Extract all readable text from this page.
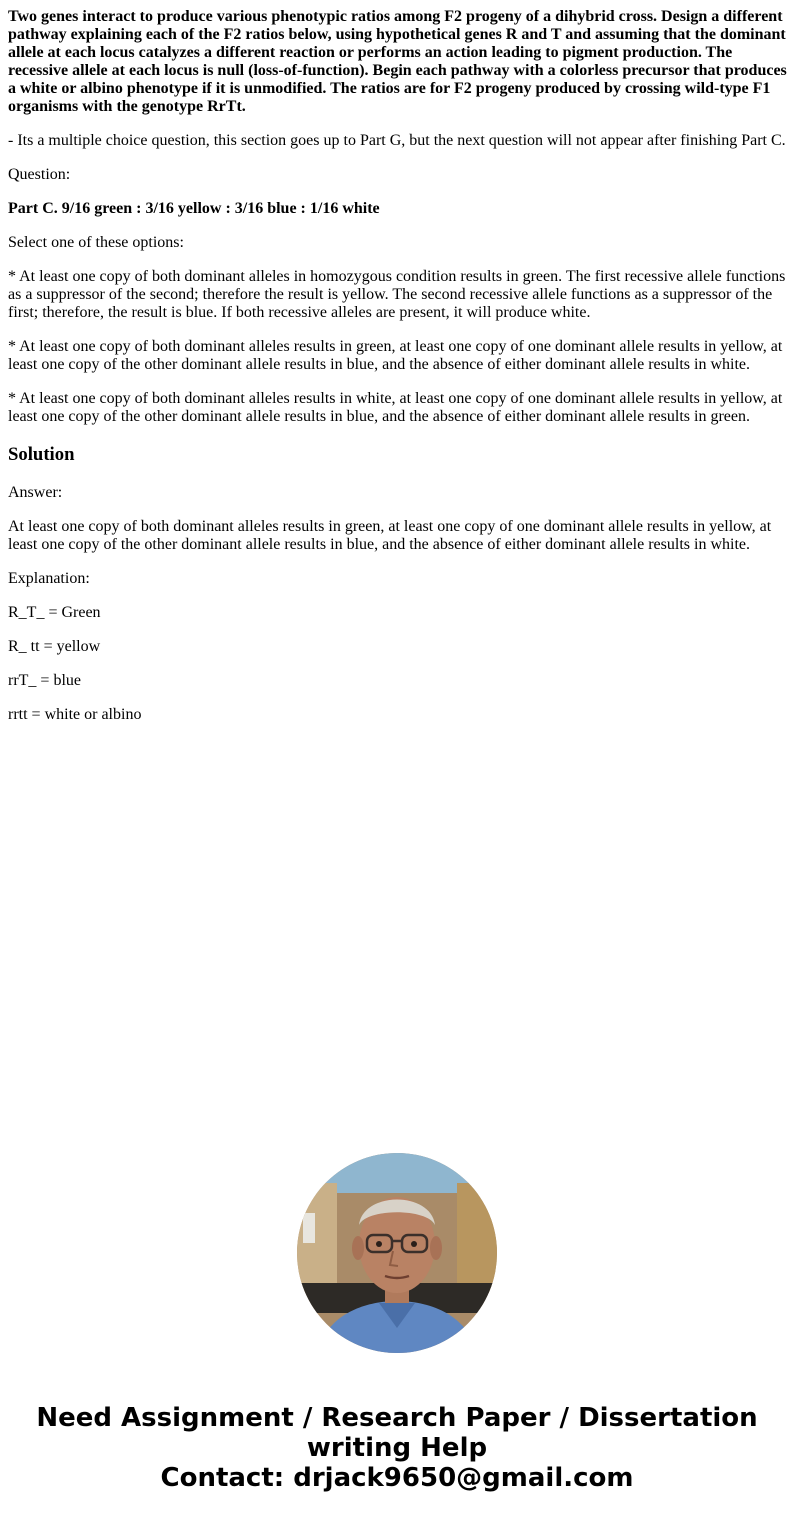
Two genes interact to produce various phenotypic ratios among F2 progeny of a dihybrid cross. Design a different pathway explaining each of the F2 ratios below, using hypothetical genes R and T and assuming that the dominant allele at each locus catalyzes a different reaction or performs an action leading to pigment production. The recessive allele at each locus is null (loss-of-function). Begin each pathway with a colorless precursor that produces a white or albino phenotype if it is unmodified. The ratios are for F2 progeny produced by crossing wild-type F1 organisms with the genotype RrTt.

- Its a multiple choice question, this section goes up to Part G, but the next question will not appear after finishing Part C.

Question:

Part C. 9/16 green : 3/16 yellow : 3/16 blue : 1/16 white

Select one of these options:

* At least one copy of both dominant alleles in homozygous condition results in green. The first recessive allele functions as a suppressor of the second; therefore the result is yellow. The second recessive allele functions as a suppressor of the first; therefore, the result is blue. If both recessive alleles are present, it will produce white.

* At least one copy of both dominant alleles results in green, at least one copy of one dominant allele results in yellow, at least one copy of the other dominant allele results in blue, and the absence of either dominant allele results in white.

* At least one copy of both dominant alleles results in white, at least one copy of one dominant allele results in yellow, at least one copy of the other dominant allele results in blue, and the absence of either dominant allele results in green.

Solution

Answer:

At least one copy of both dominant alleles results in green, at least one copy of one dominant allele results in yellow, at least one copy of the other dominant allele results in blue, and the absence of either dominant allele results in white.

Explanation:

R_T_ = Green

R_ tt = yellow

rrT_ = blue

rrtt = white or albino

Need Assignment / Research Paper / Dissertation
writing Help
Contact: drjack9650@gmail.com
